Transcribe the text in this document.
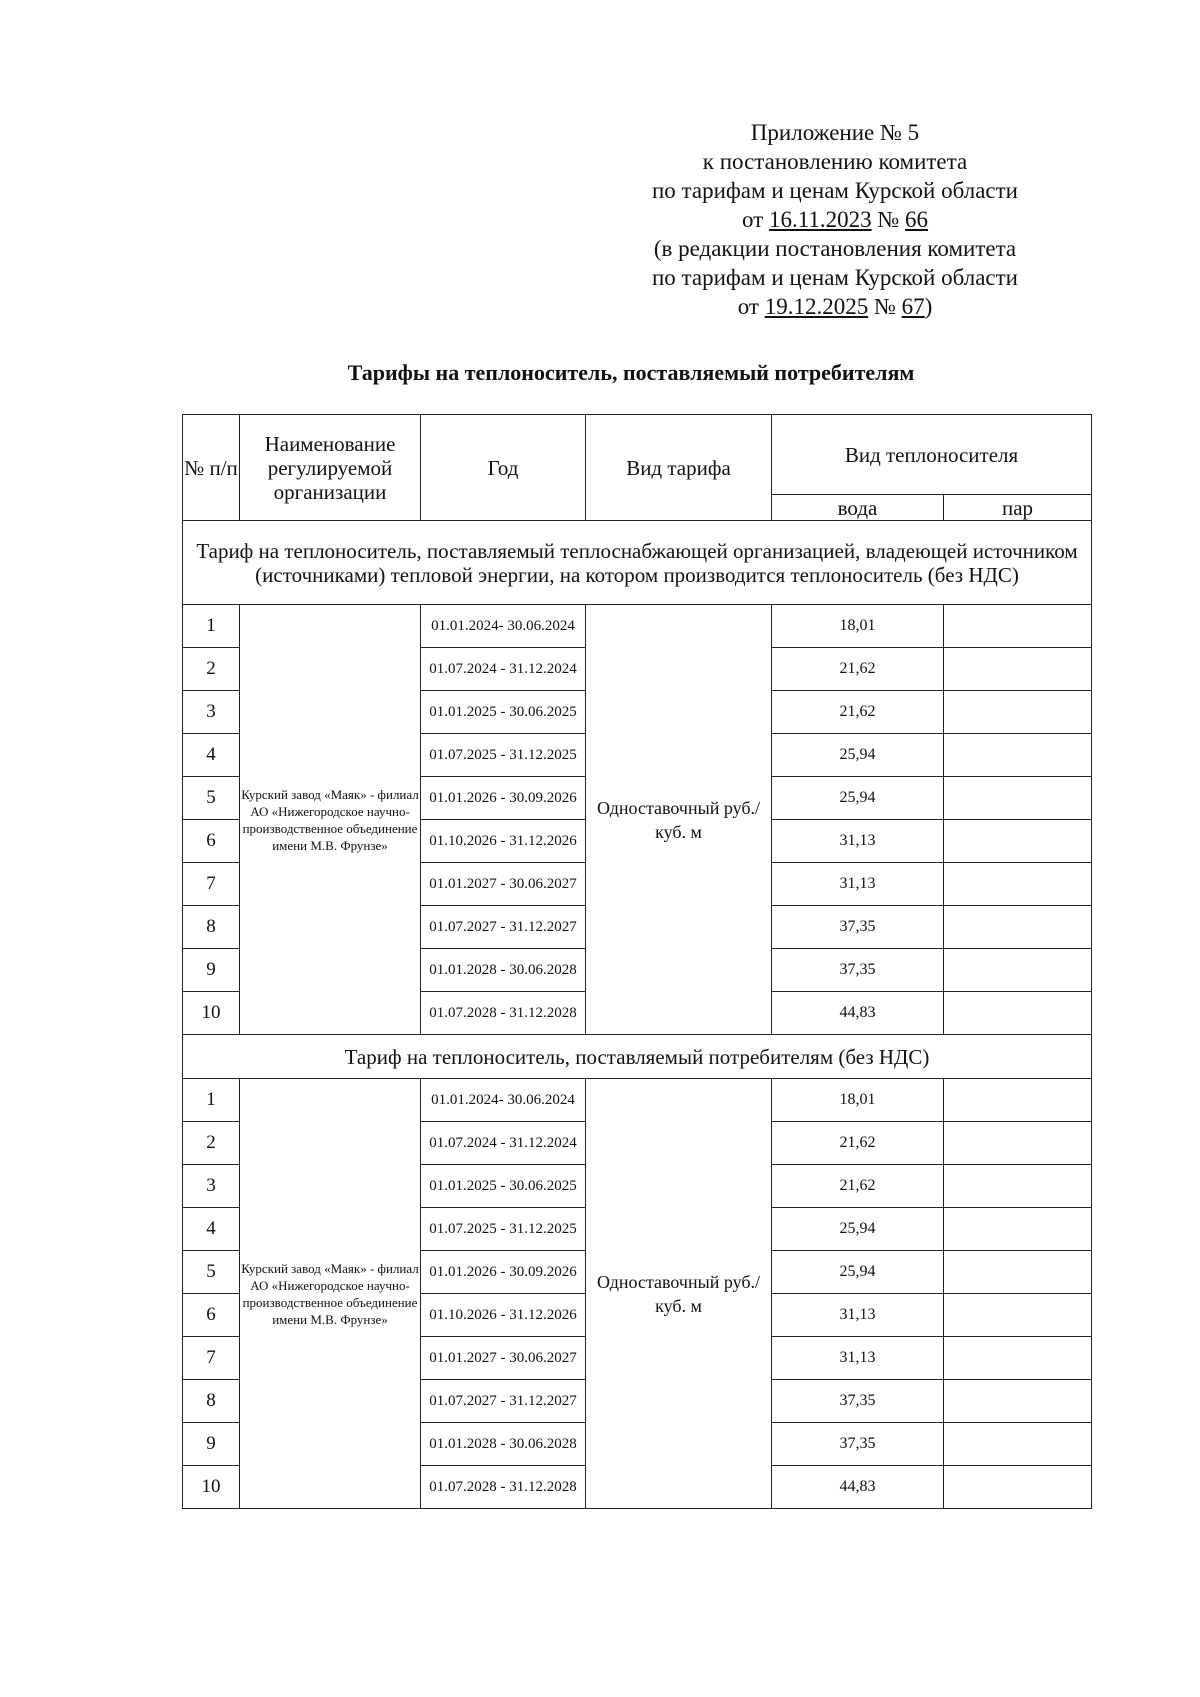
Приложение № 5
к постановлению комитета
по тарифам и ценам Курской области
от 16.11.2023 № 66
(в редакции постановления комитета
по тарифам и ценам Курской области
от 19.12.2025 № 67)
Тарифы на теплоноситель, поставляемый потребителям
№ п/п	Наименование регулируемой организации	Год	Вид тарифа	Вид теплоносителя	
				вода	пар
Тариф на теплоноситель, поставляемый теплоснабжающей организацией, владеющей источником (источниками) тепловой энергии, на котором производится теплоноситель (без НДС)					
1	Курский завод «Маяк» - филиал АО «Нижегородское научно-производственное объединение имени М.В. Фрунзе»	01.01.2024- 30.06.2024	Одноставочный руб./куб. м	18,01	
2		01.07.2024 - 31.12.2024		21,62	
3		01.01.2025 - 30.06.2025		21,62	
4		01.07.2025 - 31.12.2025		25,94	
5		01.01.2026 - 30.09.2026		25,94	
6		01.10.2026 - 31.12.2026		31,13	
7		01.01.2027 - 30.06.2027		31,13	
8		01.07.2027 - 31.12.2027		37,35	
9		01.01.2028 - 30.06.2028		37,35	
10		01.07.2028 - 31.12.2028		44,83	
Тариф на теплоноситель, поставляемый потребителям (без НДС)					
1	Курский завод «Маяк» - филиал АО «Нижегородское научно-производственное объединение имени М.В. Фрунзе»	01.01.2024- 30.06.2024	Одноставочный руб./куб. м	18,01	
2		01.07.2024 - 31.12.2024		21,62	
3		01.01.2025 - 30.06.2025		21,62	
4		01.07.2025 - 31.12.2025		25,94	
5		01.01.2026 - 30.09.2026		25,94	
6		01.10.2026 - 31.12.2026		31,13	
7		01.01.2027 - 30.06.2027		31,13	
8		01.07.2027 - 31.12.2027		37,35	
9		01.01.2028 - 30.06.2028		37,35	
10		01.07.2028 - 31.12.2028		44,83	
